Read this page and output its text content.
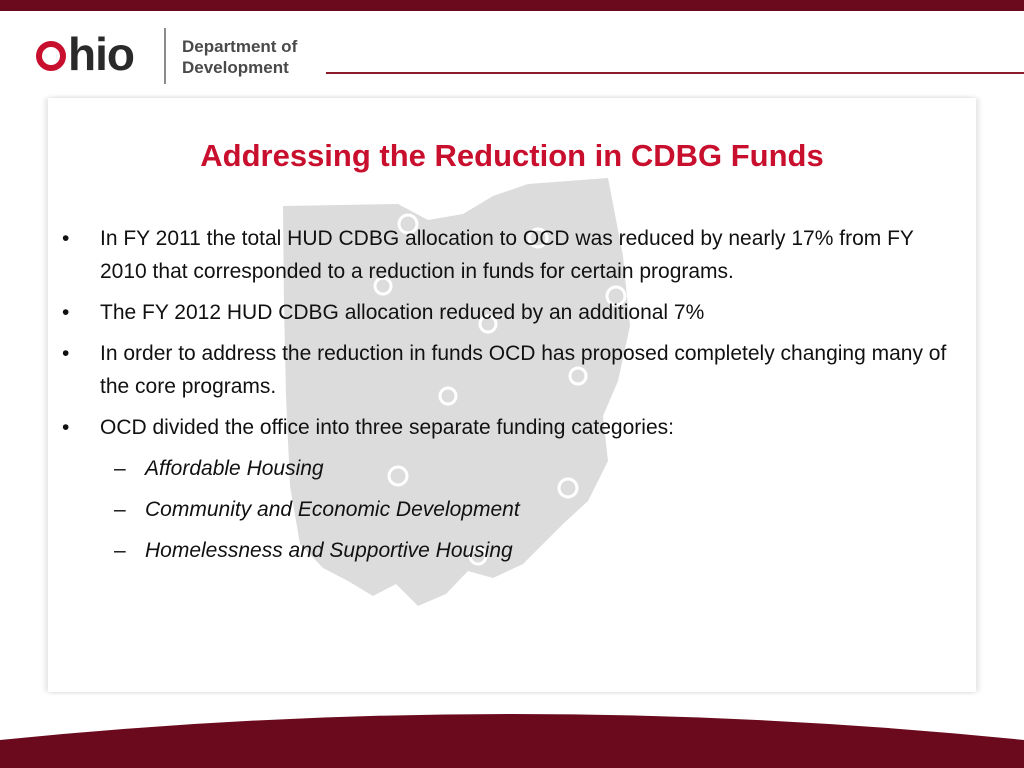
hio	Department of
Development
Addressing the Reduction in CDBG Funds
• In FY 2011 the total HUD CDBG allocation to OCD was reduced by nearly 17% from FY 2010 that corresponded to a reduction in funds for certain programs.
• The FY 2012 HUD CDBG allocation reduced by an additional 7%
• In order to address the reduction in funds OCD has proposed completely changing many of the core programs.
• OCD divided the office into three separate funding categories:
– Affordable Housing
– Community and Economic Development
– Homelessness and Supportive Housing
